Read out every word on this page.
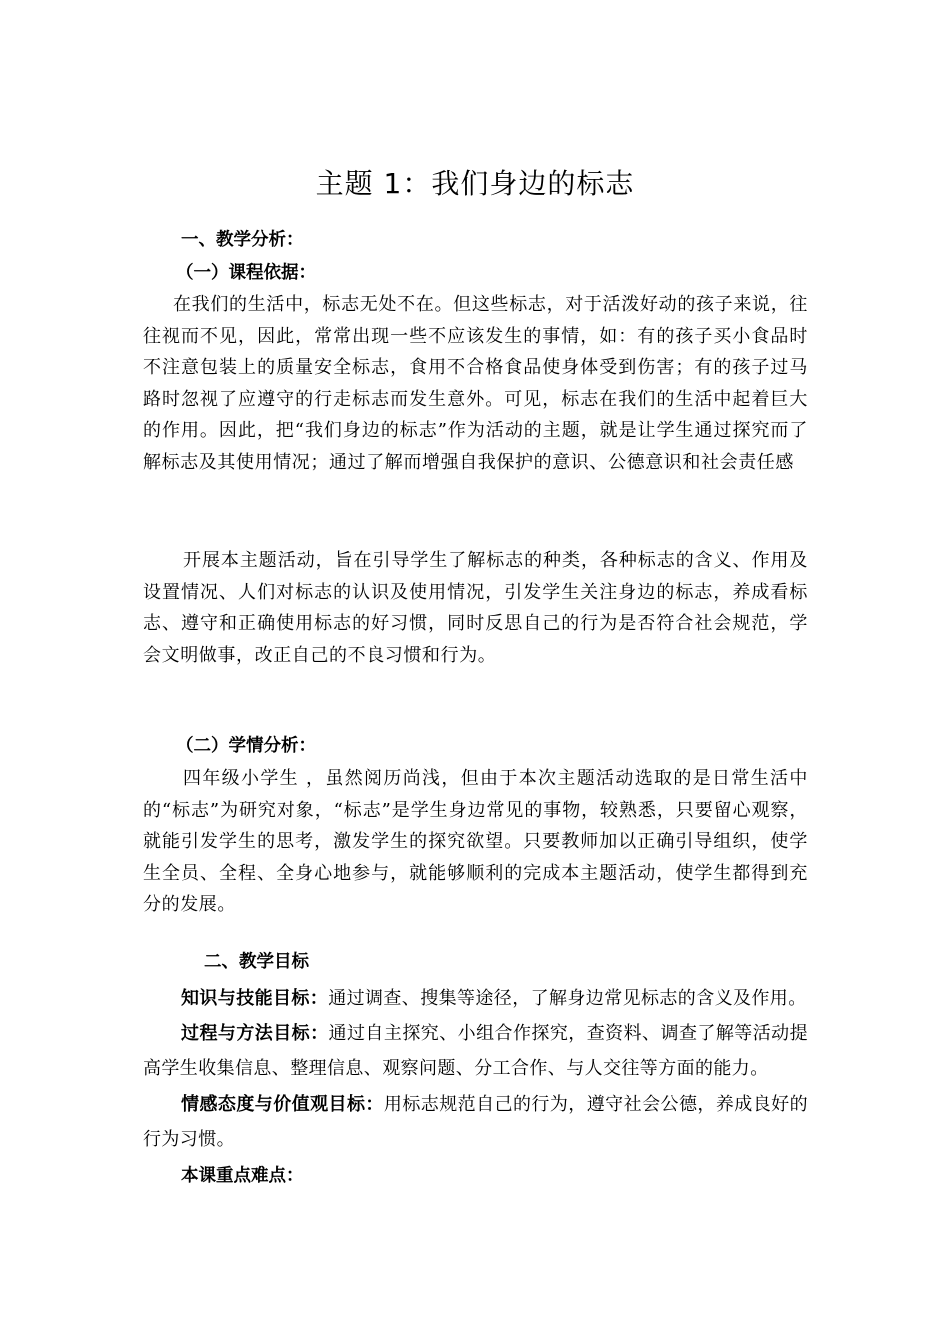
主题 1：我们身边的标志
一、教学分析：
（一）课程依据：

在我们的生活中，标志无处不在。但这些标志，对于活泼好动的孩子来说，往往视而不见，因此，常常出现一些不应该发生的事情，如：有的孩子买小食品时不注意包装上的质量安全标志，食用不合格食品使身体受到伤害；有的孩子过马路时忽视了应遵守的行走标志而发生意外。可见，标志在我们的生活中起着巨大的作用。因此，把“我们身边的标志”作为活动的主题，就是让学生通过探究而了解标志及其使用情况；通过了解而增强自我保护的意识、公德意识和社会责任感

开展本主题活动，旨在引导学生了解标志的种类，各种标志的含义、作用及设置情况、人们对标志的认识及使用情况，引发学生关注身边的标志，养成看标志、遵守和正确使用标志的好习惯，同时反思自己的行为是否符合社会规范，学会文明做事，改正自己的不良习惯和行为。

（二）学情分析：

四年级小学生 ，虽然阅历尚浅，但由于本次主题活动选取的是日常生活中的“标志”为研究对象，“标志”是学生身边常见的事物，较熟悉，只要留心观察，就能引发学生的思考，激发学生的探究欲望。只要教师加以正确引导组织，使学生全员、全程、全身心地参与，就能够顺利的完成本主题活动，使学生都得到充分的发展。

二、教学目标

知识与技能目标：通过调查、搜集等途径，了解身边常见标志的含义及作用。

过程与方法目标：通过自主探究、小组合作探究，查资料、调查了解等活动提高学生收集信息、整理信息、观察问题、分工合作、与人交往等方面的能力。

情感态度与价值观目标：用标志规范自己的行为，遵守社会公德，养成良好的行为习惯。

本课重点难点：
